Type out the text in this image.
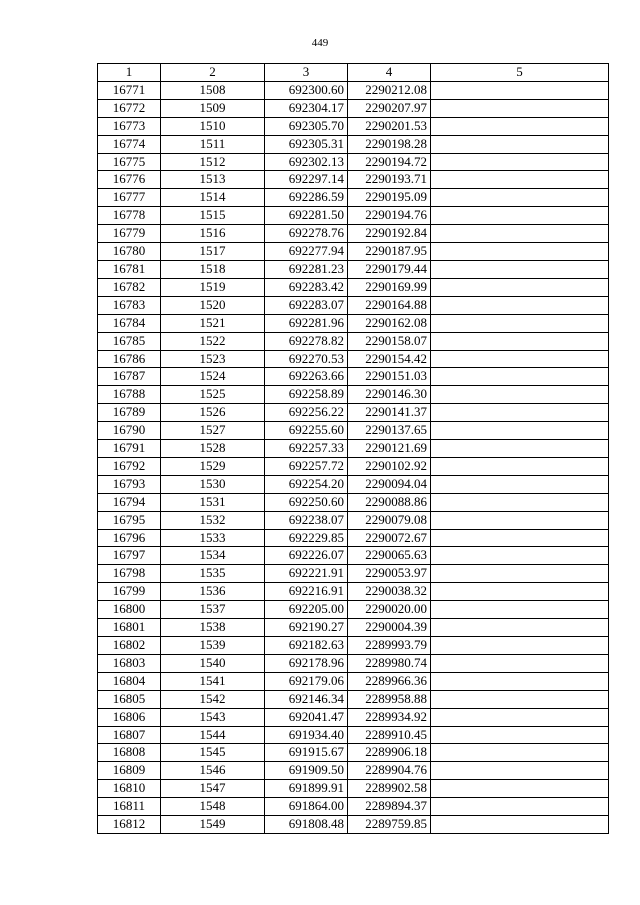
449
1	2	3	4	5
16771	1508	692300.60	2290212.08	
16772	1509	692304.17	2290207.97	
16773	1510	692305.70	2290201.53	
16774	1511	692305.31	2290198.28	
16775	1512	692302.13	2290194.72	
16776	1513	692297.14	2290193.71	
16777	1514	692286.59	2290195.09	
16778	1515	692281.50	2290194.76	
16779	1516	692278.76	2290192.84	
16780	1517	692277.94	2290187.95	
16781	1518	692281.23	2290179.44	
16782	1519	692283.42	2290169.99	
16783	1520	692283.07	2290164.88	
16784	1521	692281.96	2290162.08	
16785	1522	692278.82	2290158.07	
16786	1523	692270.53	2290154.42	
16787	1524	692263.66	2290151.03	
16788	1525	692258.89	2290146.30	
16789	1526	692256.22	2290141.37	
16790	1527	692255.60	2290137.65	
16791	1528	692257.33	2290121.69	
16792	1529	692257.72	2290102.92	
16793	1530	692254.20	2290094.04	
16794	1531	692250.60	2290088.86	
16795	1532	692238.07	2290079.08	
16796	1533	692229.85	2290072.67	
16797	1534	692226.07	2290065.63	
16798	1535	692221.91	2290053.97	
16799	1536	692216.91	2290038.32	
16800	1537	692205.00	2290020.00	
16801	1538	692190.27	2290004.39	
16802	1539	692182.63	2289993.79	
16803	1540	692178.96	2289980.74	
16804	1541	692179.06	2289966.36	
16805	1542	692146.34	2289958.88	
16806	1543	692041.47	2289934.92	
16807	1544	691934.40	2289910.45	
16808	1545	691915.67	2289906.18	
16809	1546	691909.50	2289904.76	
16810	1547	691899.91	2289902.58	
16811	1548	691864.00	2289894.37	
16812	1549	691808.48	2289759.85	
